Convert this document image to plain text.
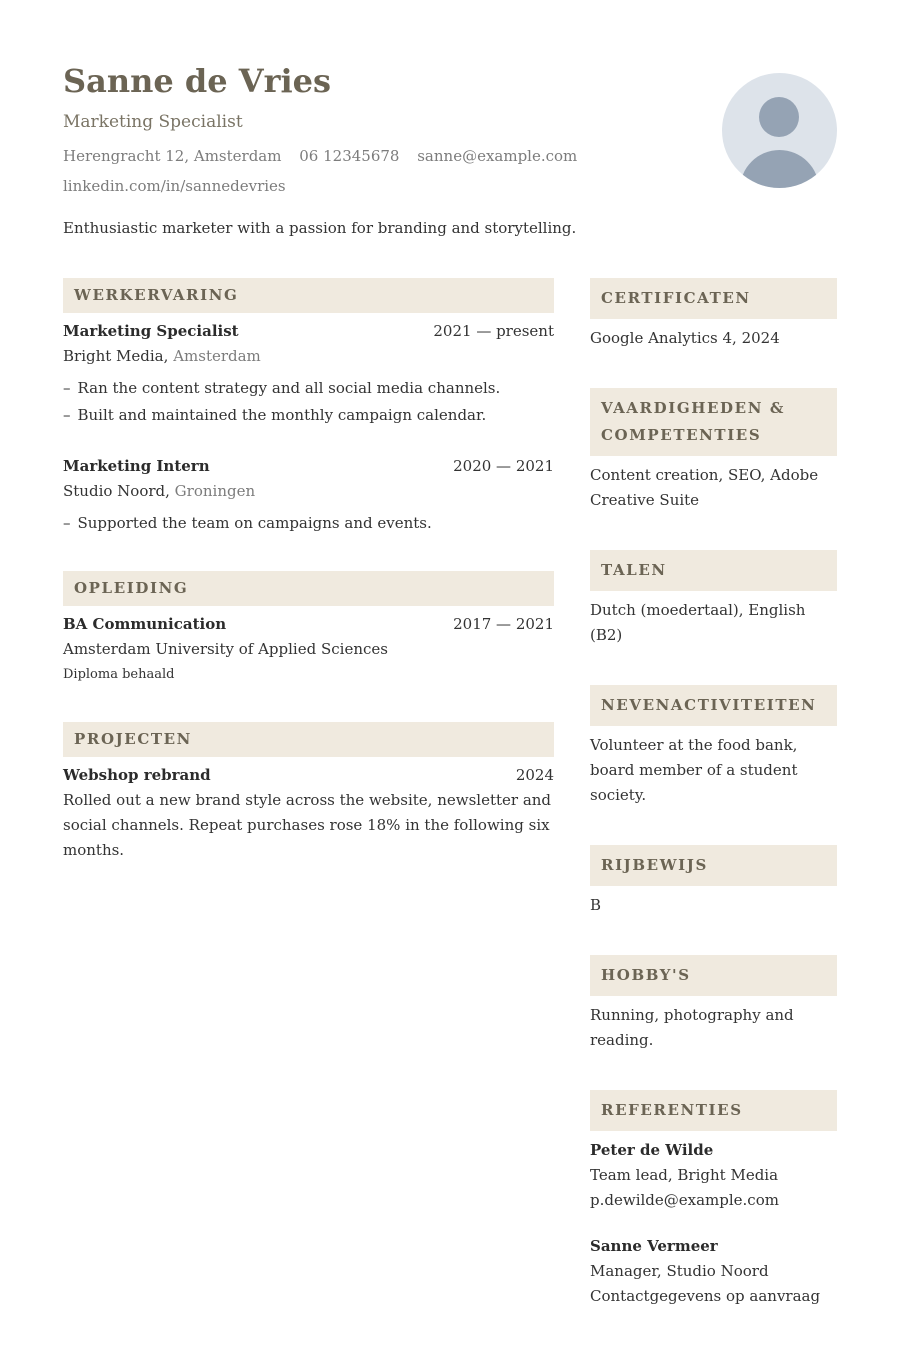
Sanne de Vries
Marketing Specialist
Herengracht 12, Amsterdam 06 12345678 sanne@example.com
linkedin.com/in/sannedevries
Enthusiastic marketer with a passion for branding and storytelling.
WERKERVARING
Marketing Specialist	2021 — present
Bright Media, Amsterdam
– Ran the content strategy and all social media channels.
– Built and maintained the monthly campaign calendar.
Marketing Intern	2020 — 2021
Studio Noord, Groningen
– Supported the team on campaigns and events.
OPLEIDING
BA Communication	2017 — 2021
Amsterdam University of Applied Sciences
Diploma behaald
PROJECTEN
Webshop rebrand	2024
Rolled out a new brand style across the website, newsletter and social channels. Repeat purchases rose 18% in the following six months.
CERTIFICATEN
Google Analytics 4, 2024
VAARDIGHEDEN & COMPETENTIES
Content creation, SEO, Adobe Creative Suite
TALEN
Dutch (moedertaal), English (B2)
NEVENACTIVITEITEN
Volunteer at the food bank, board member of a student society.
RIJBEWIJS
B
HOBBY'S
Running, photography and reading.
REFERENTIES
Peter de Wilde
Team lead, Bright Media
p.dewilde@example.com
Sanne Vermeer
Manager, Studio Noord
Contactgegevens op aanvraag
